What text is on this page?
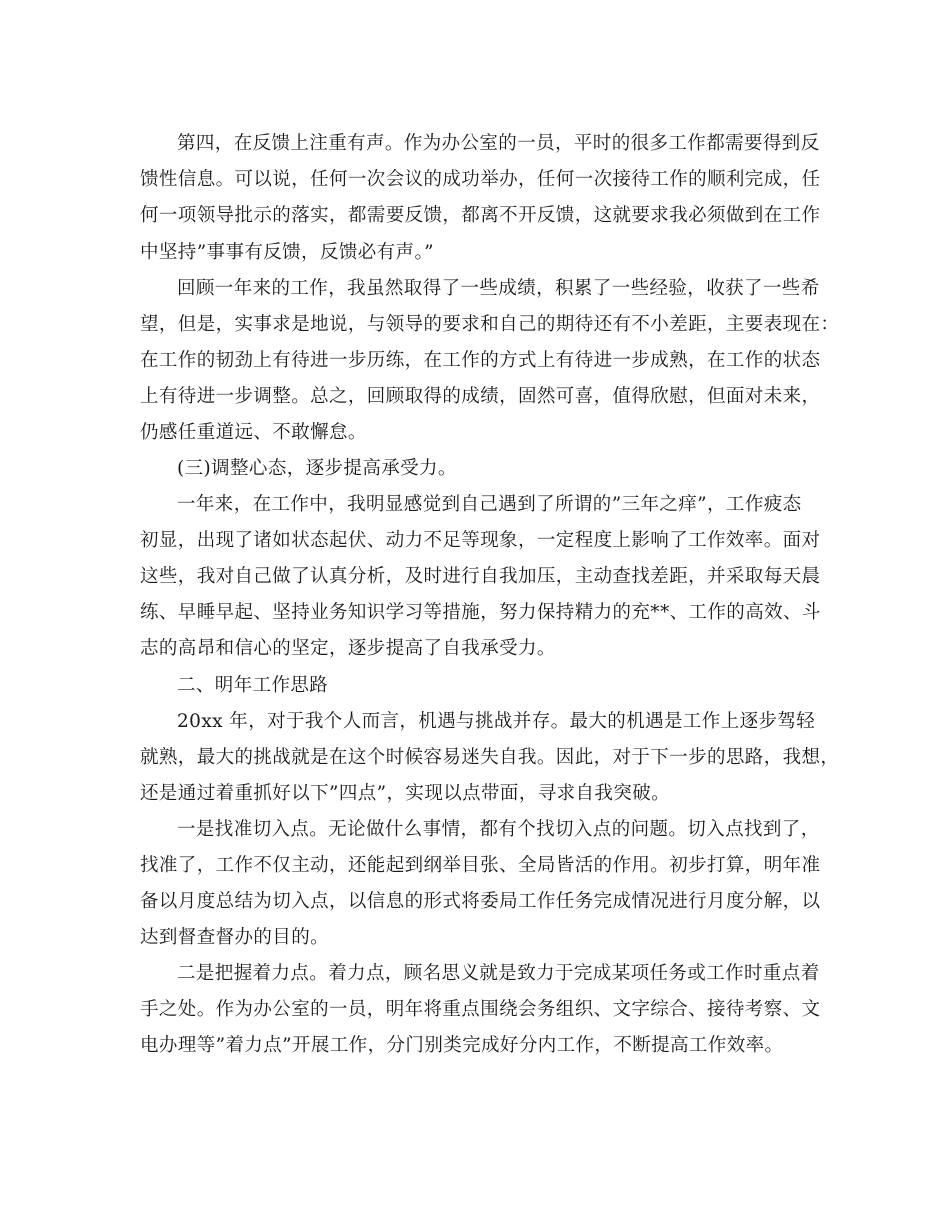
第四，在反馈上注重有声。作为办公室的一员，平时的很多工作都需要得到反

馈性信息。可以说，任何一次会议的成功举办，任何一次接待工作的顺利完成，任

何一项领导批示的落实，都需要反馈，都离不开反馈，这就要求我必须做到在工作

中坚持”事事有反馈，反馈必有声。”

回顾一年来的工作，我虽然取得了一些成绩，积累了一些经验，收获了一些希

望，但是，实事求是地说，与领导的要求和自己的期待还有不小差距，主要表现在：

在工作的韧劲上有待进一步历练，在工作的方式上有待进一步成熟，在工作的状态

上有待进一步调整。总之，回顾取得的成绩，固然可喜，值得欣慰，但面对未来，

仍感任重道远、不敢懈怠。

(三)调整心态，逐步提高承受力。

一年来，在工作中，我明显感觉到自己遇到了所谓的”三年之痒”，工作疲态

初显，出现了诸如状态起伏、动力不足等现象，一定程度上影响了工作效率。面对

这些，我对自己做了认真分析，及时进行自我加压，主动查找差距，并采取每天晨

练、早睡早起、坚持业务知识学习等措施，努力保持精力的充**、工作的高效、斗

志的高昂和信心的坚定，逐步提高了自我承受力。

二、明年工作思路

20xx 年，对于我个人而言，机遇与挑战并存。最大的机遇是工作上逐步驾轻

就熟，最大的挑战就是在这个时候容易迷失自我。因此，对于下一步的思路，我想，

还是通过着重抓好以下”四点”，实现以点带面，寻求自我突破。

一是找准切入点。无论做什么事情，都有个找切入点的问题。切入点找到了，

找准了，工作不仅主动，还能起到纲举目张、全局皆活的作用。初步打算，明年准

备以月度总结为切入点，以信息的形式将委局工作任务完成情况进行月度分解，以

达到督查督办的目的。

二是把握着力点。着力点，顾名思义就是致力于完成某项任务或工作时重点着

手之处。作为办公室的一员，明年将重点围绕会务组织、文字综合、接待考察、文

电办理等”着力点”开展工作，分门别类完成好分内工作，不断提高工作效率。
